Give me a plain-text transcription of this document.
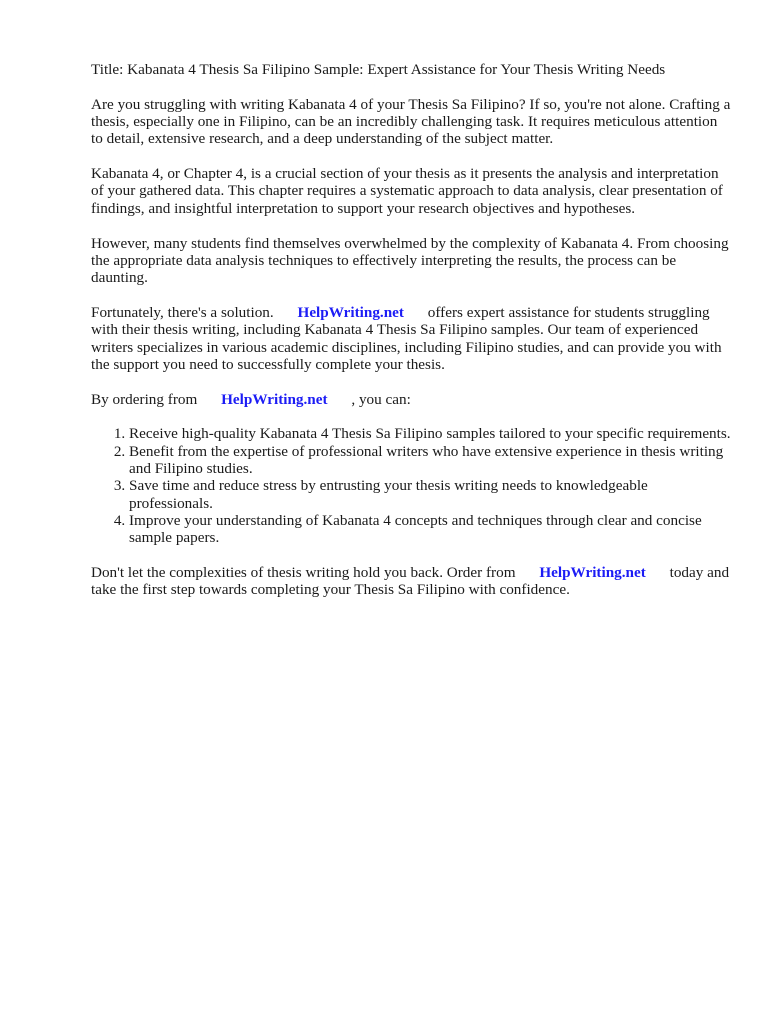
Title: Kabanata 4 Thesis Sa Filipino Sample: Expert Assistance for Your Thesis Writing Needs

Are you struggling with writing Kabanata 4 of your Thesis Sa Filipino? If so, you're not alone. Crafting a thesis, especially one in Filipino, can be an incredibly challenging task. It requires meticulous attention to detail, extensive research, and a deep understanding of the subject matter.

Kabanata 4, or Chapter 4, is a crucial section of your thesis as it presents the analysis and interpretation of your gathered data. This chapter requires a systematic approach to data analysis, clear presentation of findings, and insightful interpretation to support your research objectives and hypotheses.

However, many students find themselves overwhelmed by the complexity of Kabanata 4. From choosing the appropriate data analysis techniques to effectively interpreting the results, the process can be daunting.

Fortunately, there's a solution. HelpWriting.net offers expert assistance for students struggling with their thesis writing, including Kabanata 4 Thesis Sa Filipino samples. Our team of experienced writers specializes in various academic disciplines, including Filipino studies, and can provide you with the support you need to successfully complete your thesis.

By ordering from HelpWriting.net , you can:

1. Receive high-quality Kabanata 4 Thesis Sa Filipino samples tailored to your specific requirements.
2. Benefit from the expertise of professional writers who have extensive experience in thesis writing and Filipino studies.
3. Save time and reduce stress by entrusting your thesis writing needs to knowledgeable professionals.
4. Improve your understanding of Kabanata 4 concepts and techniques through clear and concise sample papers.

Don't let the complexities of thesis writing hold you back. Order from HelpWriting.net today and take the first step towards completing your Thesis Sa Filipino with confidence.
